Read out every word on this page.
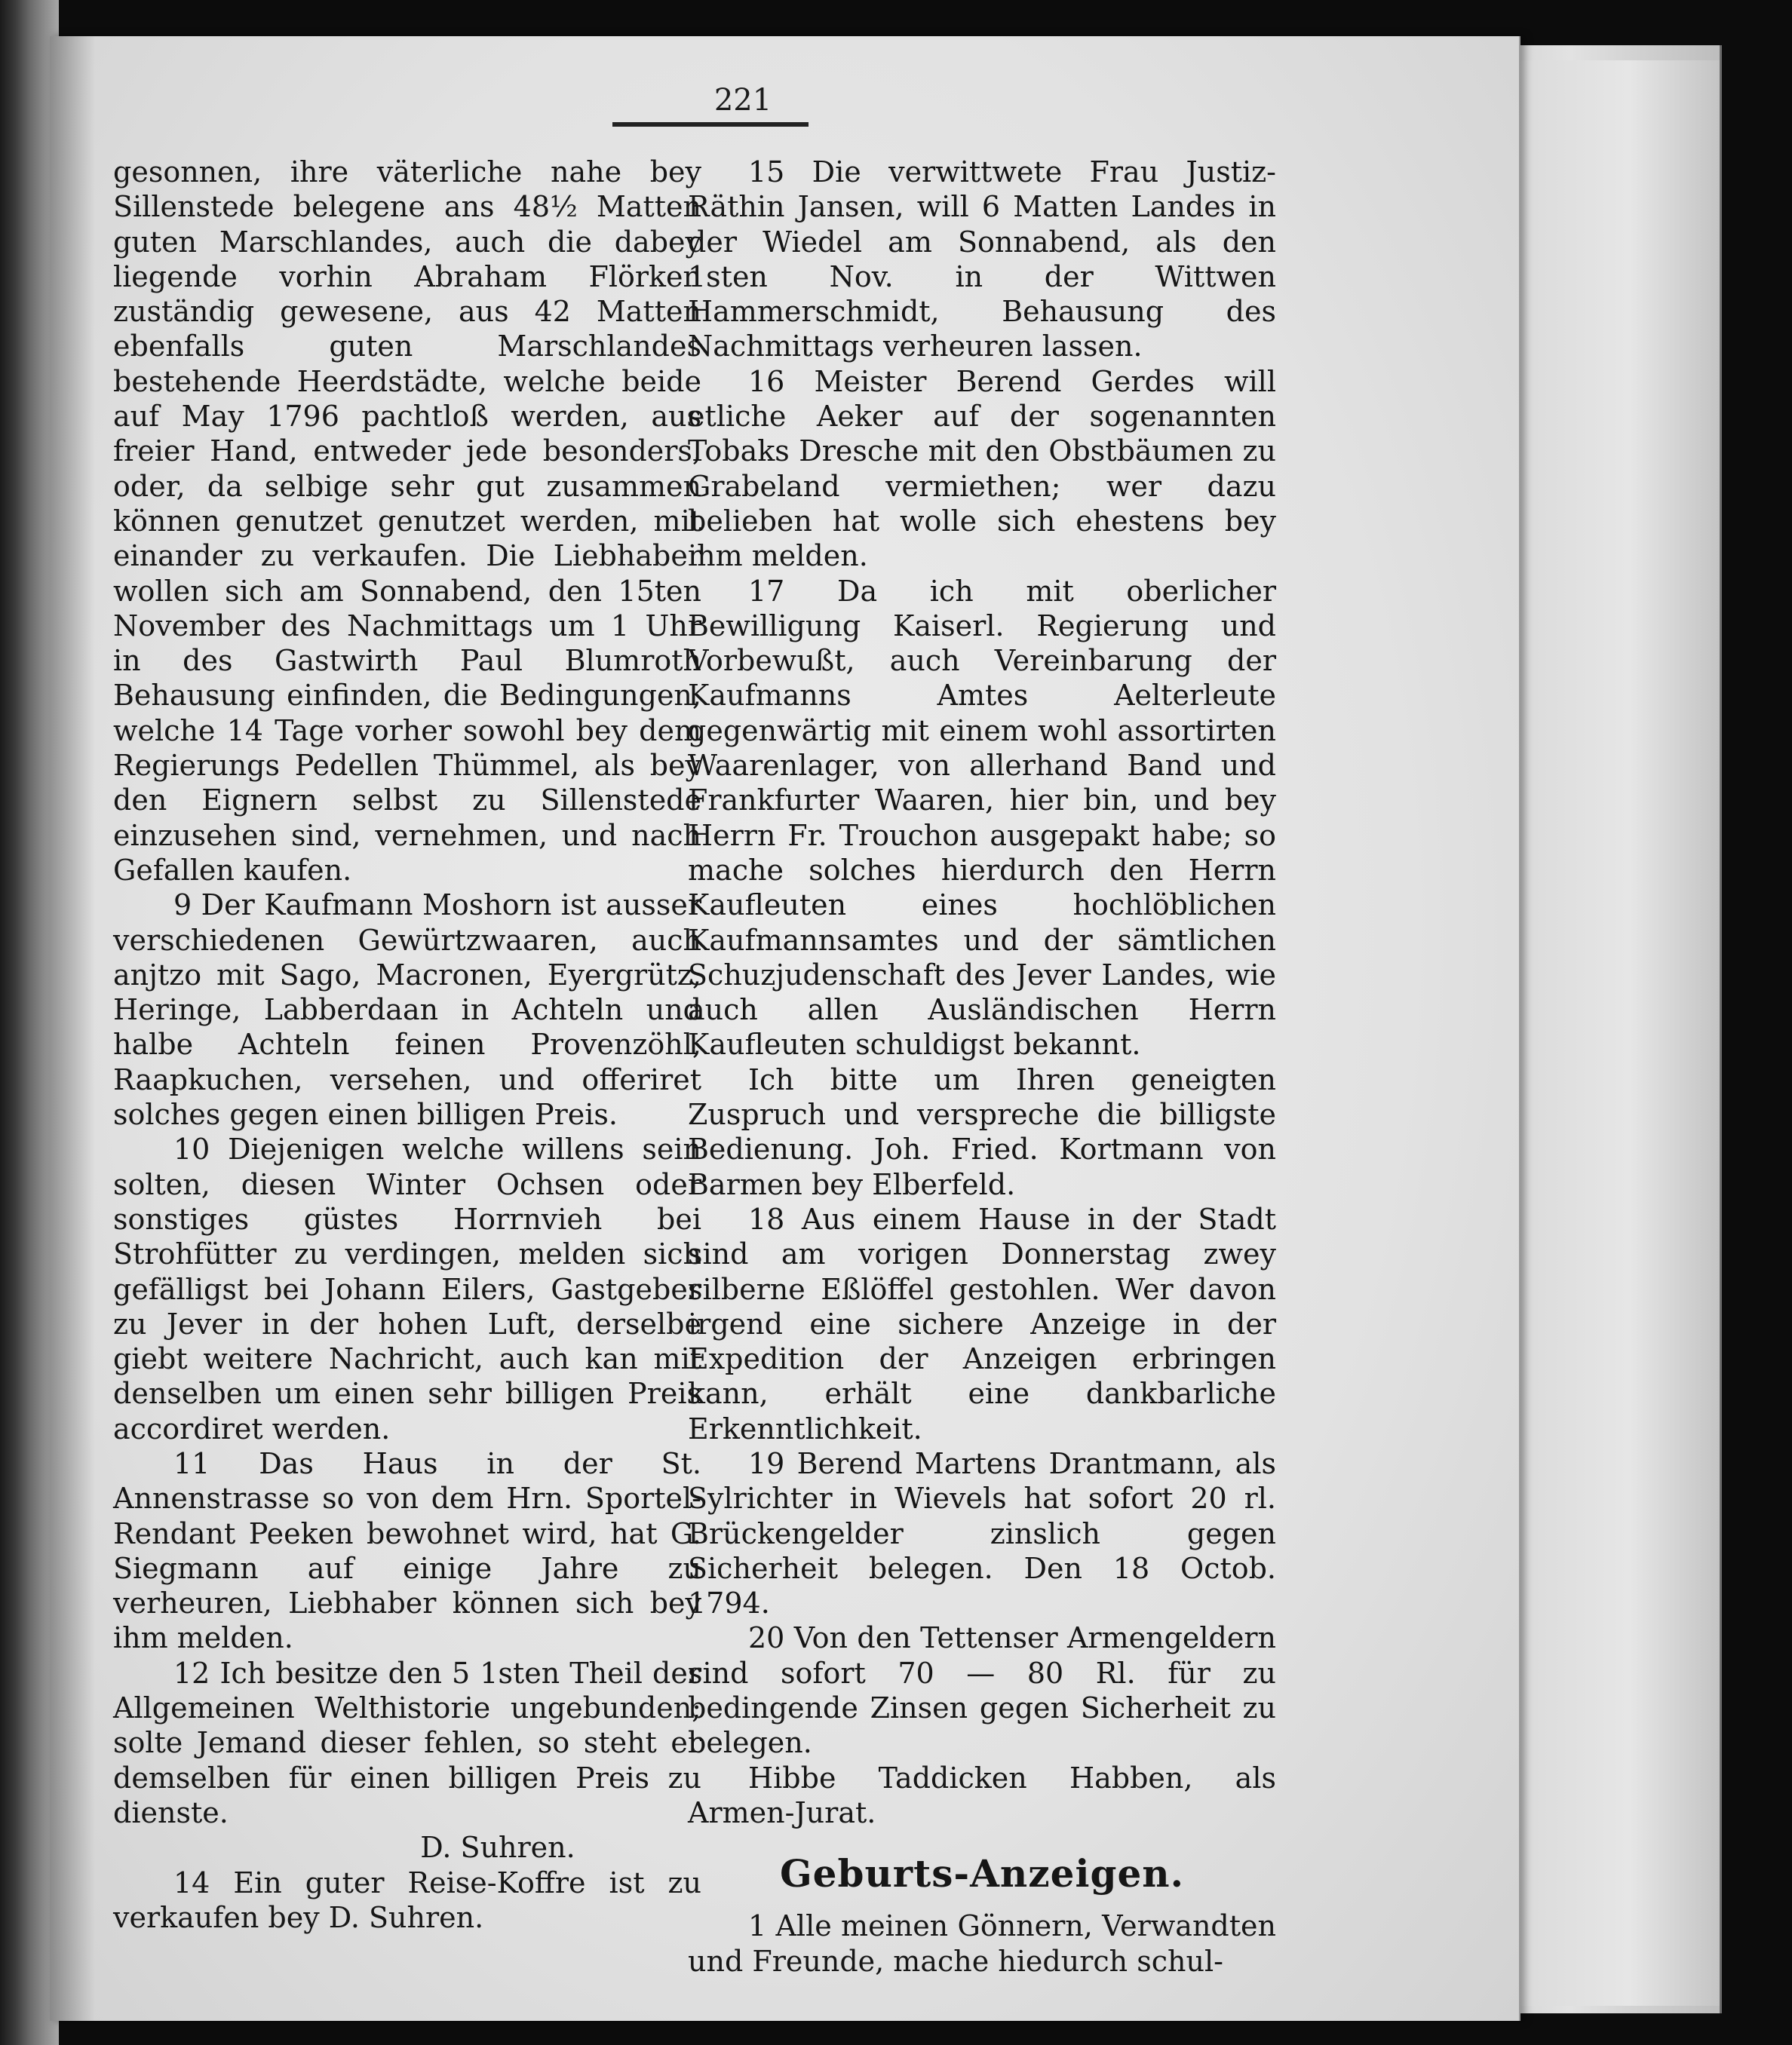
221

gesonnen, ihre väterliche nahe bey Sillenstede belegene ans 48½ Matten guten Marschlandes, auch die dabey liegende vorhin Abraham Flörken zuständig gewesene, aus 42 Matten ebenfalls guten Marschlandes bestehende Heerdstädte, welche beide auf May 1796 pachtloß werden, aus freier Hand, entweder jede besonders, oder, da selbige sehr gut zusammen können genutzet genutzet werden, mit einander zu verkaufen. Die Liebhaber wollen sich am Sonnabend, den 15ten November des Nachmittags um 1 Uhr in des Gastwirth Paul Blumroth Behausung einfinden, die Bedingungen, welche 14 Tage vorher sowohl bey dem Regierungs Pedellen Thümmel, als bey den Eignern selbst zu Sillenstede einzusehen sind, vernehmen, und nach Gefallen kaufen.

9 Der Kaufmann Moshorn ist ausser verschiedenen Gewürtzwaaren, auch anjtzo mit Sago, Macronen, Eyergrütz, Heringe, Labberdaan in Achteln und halbe Achteln feinen Provenzöhl, Raapkuchen, versehen, und offeriret solches gegen einen billigen Preis.

10 Diejenigen welche willens sein solten, diesen Winter Ochsen oder sonstiges güstes Horrnvieh bei Strohfütter zu verdingen, melden sich gefälligst bei Johann Eilers, Gastgeber zu Jever in der hohen Luft, derselbe giebt weitere Nachricht, auch kan mit denselben um einen sehr billigen Preis accordiret werden.

11 Das Haus in der St. Annenstrasse so von dem Hrn. Sportel-Rendant Peeken bewohnet wird, hat G. Siegmann auf einige Jahre zu verheuren, Liebhaber können sich bey ihm melden.

12 Ich besitze den 5 1sten Theil der Allgemeinen Welthistorie ungebunden; solte Jemand dieser fehlen, so steht er demselben für einen billigen Preis zu dienste.

D. Suhren.

14 Ein guter Reise-Koffre ist zu verkaufen bey D. Suhren.

15 Die verwittwete Frau Justiz-Räthin Jansen, will 6 Matten Landes in der Wiedel am Sonnabend, als den 1sten Nov. in der Wittwen Hammerschmidt, Behausung des Nachmittags verheuren lassen.

16 Meister Berend Gerdes will etliche Aeker auf der sogenannten Tobaks Dresche mit den Obstbäumen zu Grabeland vermiethen; wer dazu belieben hat wolle sich ehestens bey ihm melden.

17 Da ich mit oberlicher Bewilligung Kaiserl. Regierung und Vorbewußt, auch Vereinbarung der Kaufmanns Amtes Aelterleute gegenwärtig mit einem wohl assortirten Waarenlager, von allerhand Band und Frankfurter Waaren, hier bin, und bey Herrn Fr. Trouchon ausgepakt habe; so mache solches hierdurch den Herrn Kaufleuten eines hochlöblichen Kaufmannsamtes und der sämtlichen Schuzjudenschaft des Jever Landes, wie auch allen Ausländischen Herrn Kaufleuten schuldigst bekannt.

Ich bitte um Ihren geneigten Zuspruch und verspreche die billigste Bedienung. Joh. Fried. Kortmann von Barmen bey Elberfeld.

18 Aus einem Hause in der Stadt sind am vorigen Donnerstag zwey silberne Eßlöffel gestohlen. Wer davon irgend eine sichere Anzeige in der Expedition der Anzeigen erbringen kann, erhält eine dankbarliche Erkenntlichkeit.

19 Berend Martens Drantmann, als Sylrichter in Wievels hat sofort 20 rl. Brückengelder zinslich gegen Sicherheit belegen. Den 18 Octob. 1794.

20 Von den Tettenser Armengeldern sind sofort 70 — 80 Rl. für zu bedingende Zinsen gegen Sicherheit zu belegen.

Hibbe Taddicken Habben, als Armen-Jurat.

Geburts-Anzeigen.

1 Alle meinen Gönnern, Verwandten und Freunde, mache hiedurch schul-
